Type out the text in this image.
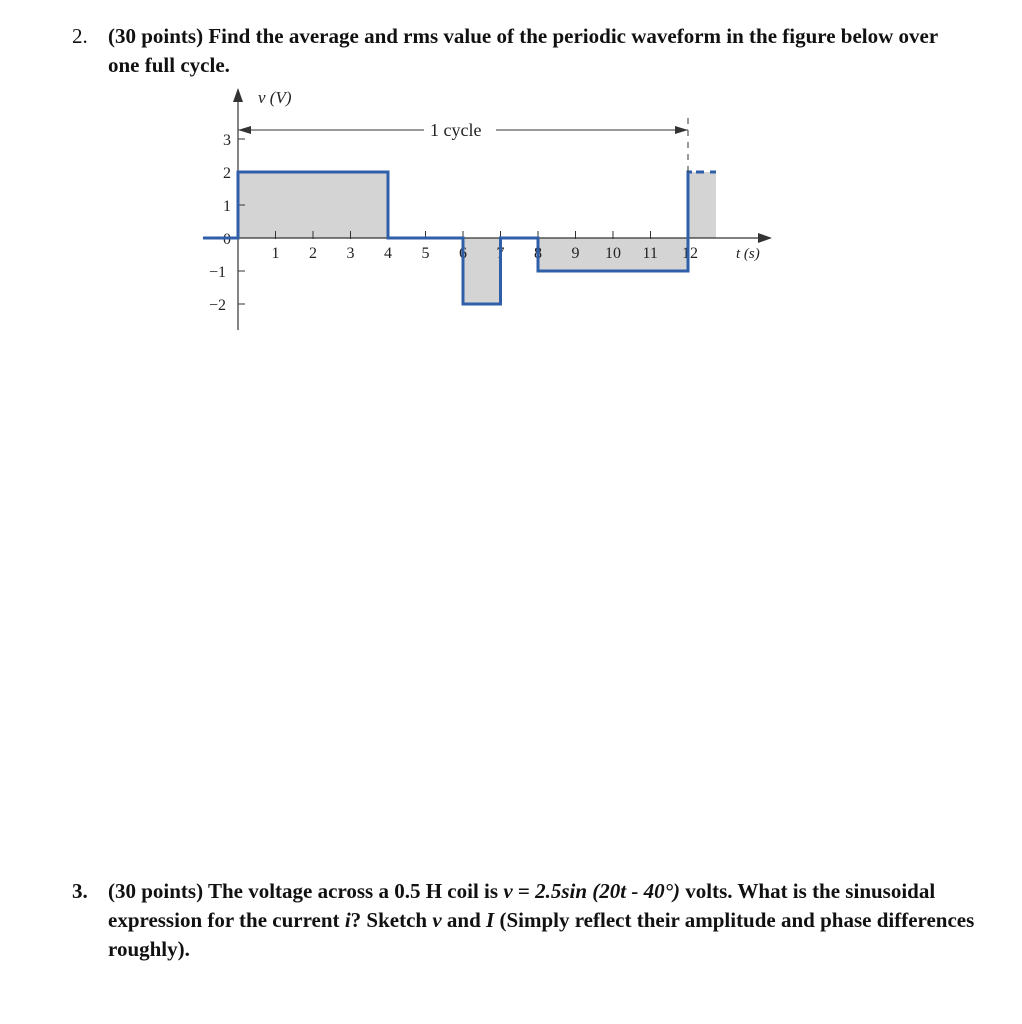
2. (30 points) Find the average and rms value of the periodic waveform in the figure below over one full cycle.
1 2 3 4 5 6 7 8 9 10 11 12
3
2
1
0
−1
−2
1 cycle
v (V)
t (s)
3. (30 points) The voltage across a 0.5 H coil is v = 2.5sin (20t - 40°) volts. What is the sinusoidal expression for the current i? Sketch v and I (Simply reflect their amplitude and phase differences roughly).
